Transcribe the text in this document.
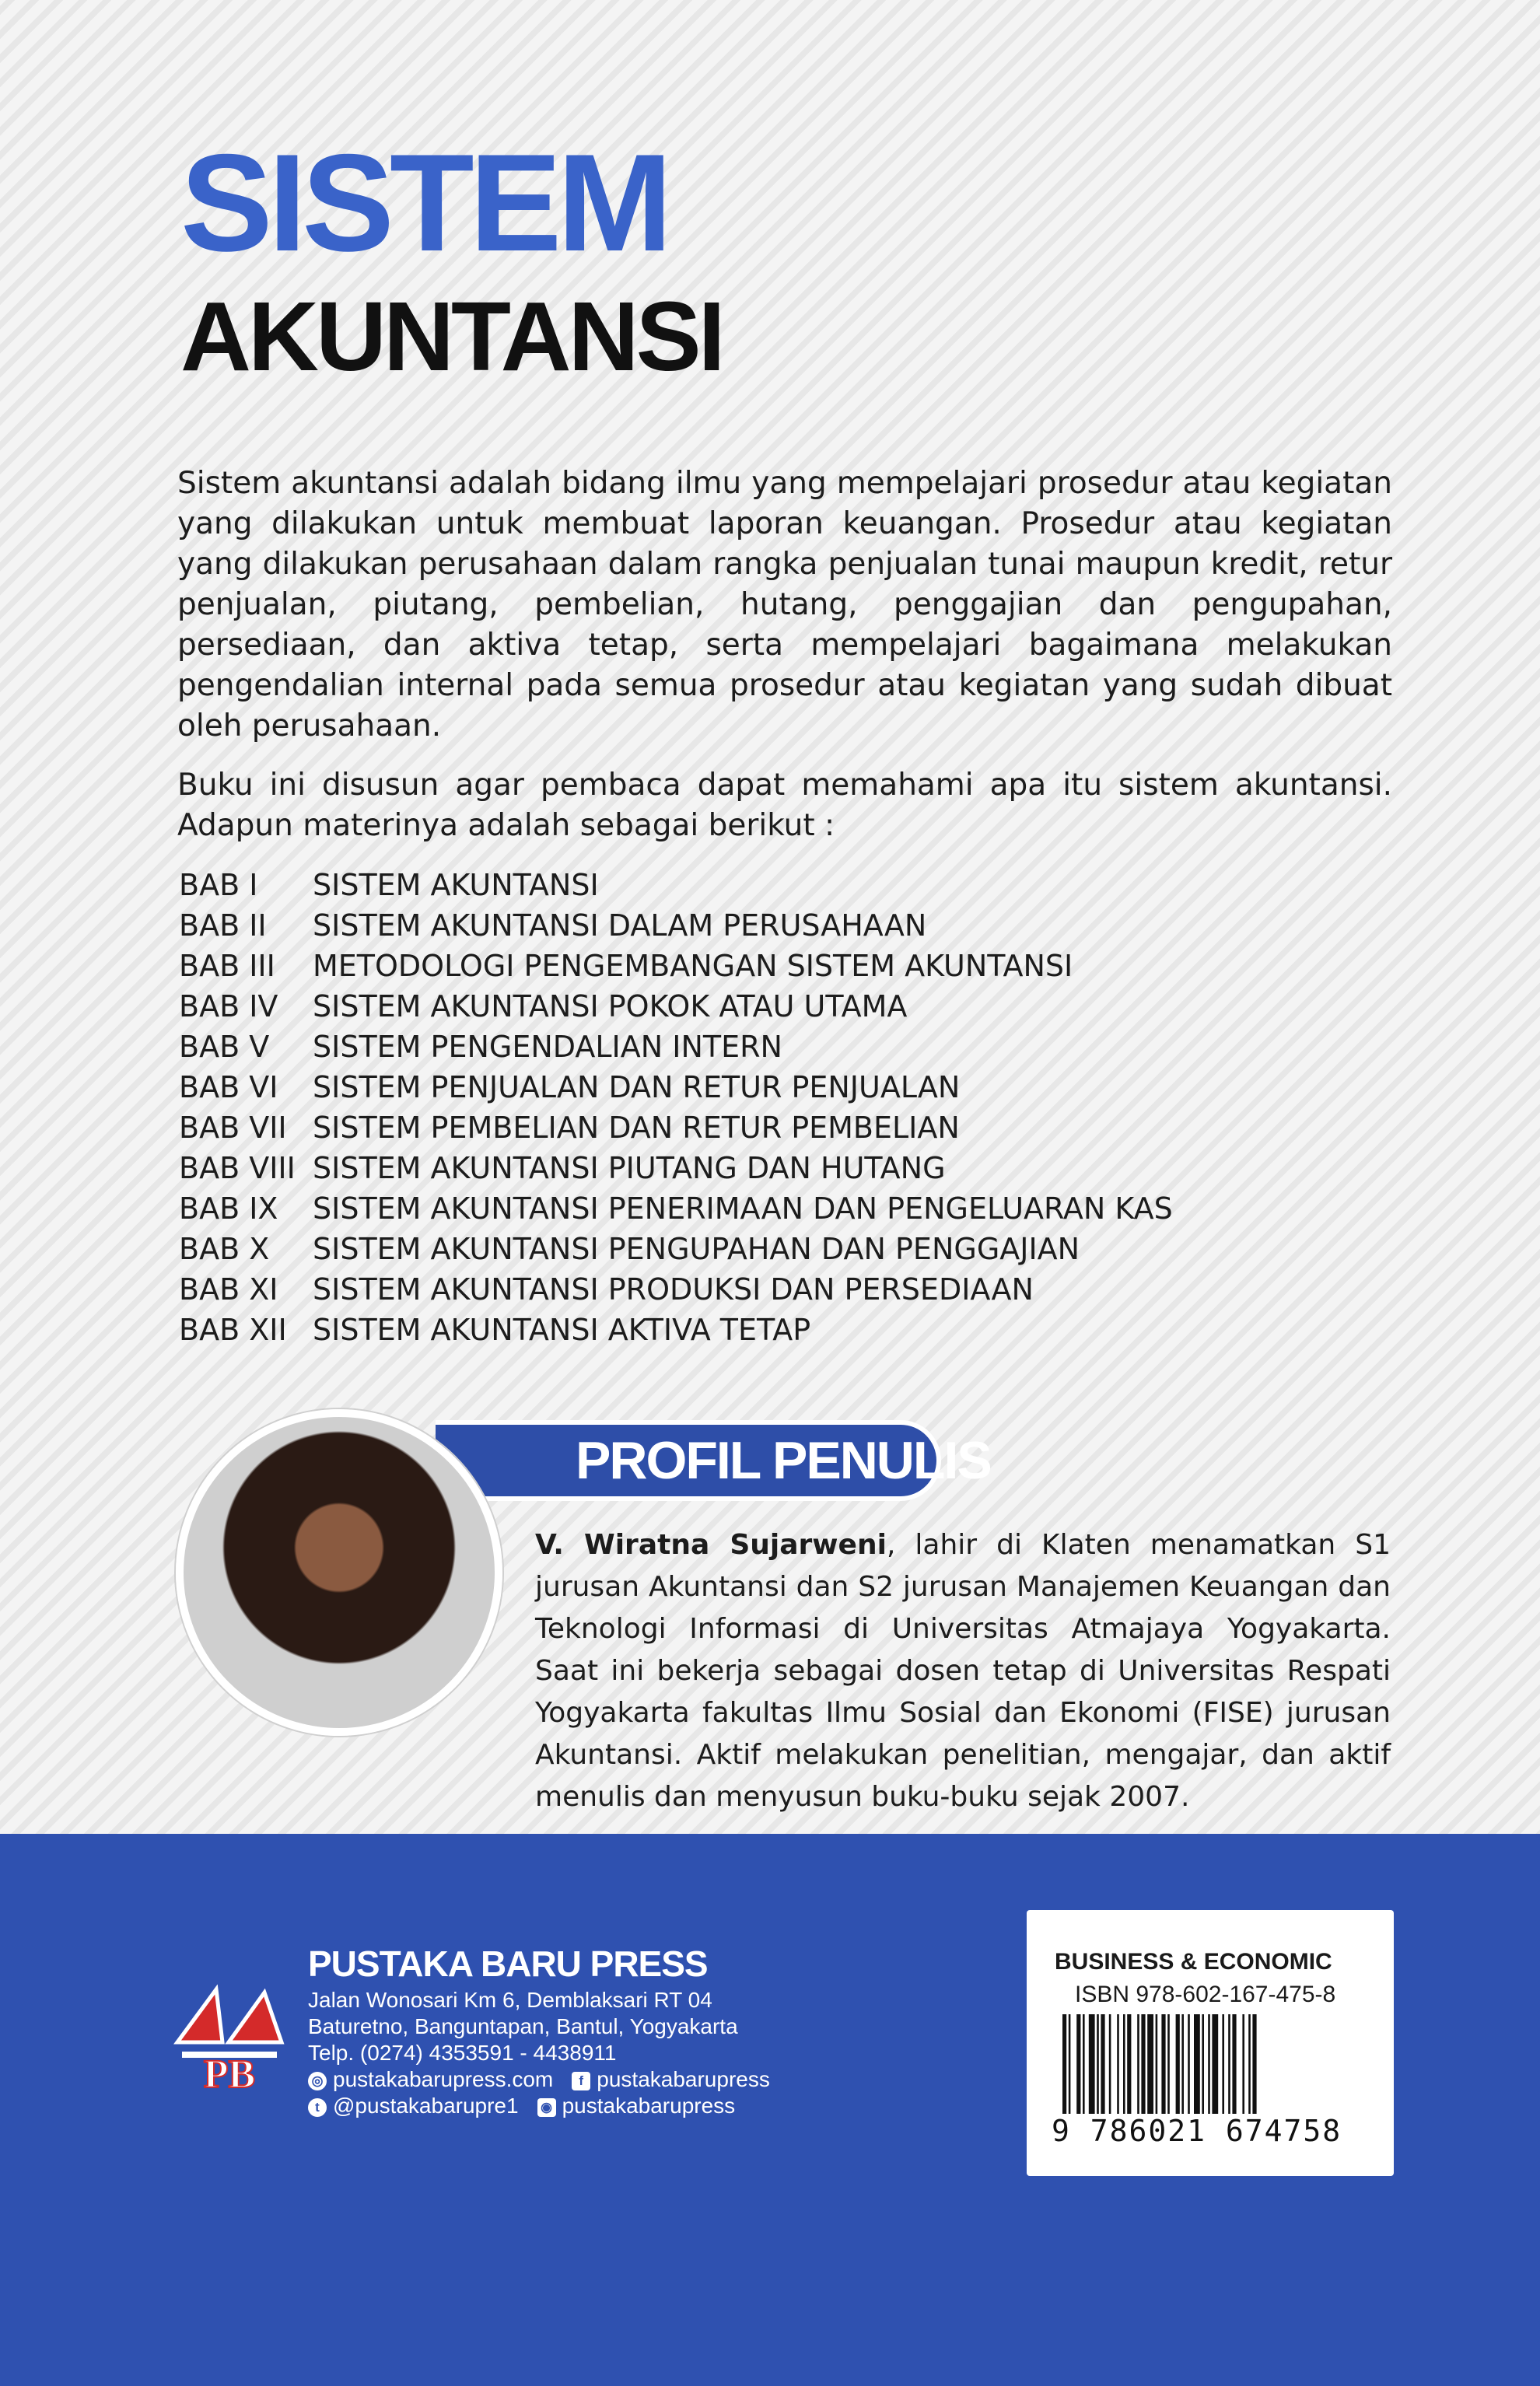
SISTEM
AKUNTANSI

Sistem akuntansi adalah bidang ilmu yang mempelajari prosedur atau kegiatan yang dilakukan untuk membuat laporan keuangan. Prosedur atau kegiatan yang dilakukan perusahaan dalam rangka penjualan tunai maupun kredit, retur penjualan, piutang, pembelian, hutang, penggajian dan pengupahan, persediaan, dan aktiva tetap, serta mempelajari bagaimana melakukan pengendalian internal pada semua prosedur atau kegiatan yang sudah dibuat oleh perusahaan.

Buku ini disusun agar pembaca dapat memahami apa itu sistem akuntansi. Adapun materinya adalah sebagai berikut :

BAB I SISTEM AKUNTANSI
BAB II SISTEM AKUNTANSI DALAM PERUSAHAAN
BAB III METODOLOGI PENGEMBANGAN SISTEM AKUNTANSI
BAB IV SISTEM AKUNTANSI POKOK ATAU UTAMA
BAB V SISTEM PENGENDALIAN INTERN
BAB VI SISTEM PENJUALAN DAN RETUR PENJUALAN
BAB VII SISTEM PEMBELIAN DAN RETUR PEMBELIAN
BAB VIII SISTEM AKUNTANSI PIUTANG DAN HUTANG
BAB IX SISTEM AKUNTANSI PENERIMAAN DAN PENGELUARAN KAS
BAB X SISTEM AKUNTANSI PENGUPAHAN DAN PENGGAJIAN
BAB XI SISTEM AKUNTANSI PRODUKSI DAN PERSEDIAAN
BAB XII SISTEM AKUNTANSI AKTIVA TETAP
PROFIL PENULIS

V. Wiratna Sujarweni, lahir di Klaten menamatkan S1 jurusan Akuntansi dan S2 jurusan Manajemen Keuangan dan Teknologi Informasi di Universitas Atmajaya Yogyakarta. Saat ini bekerja sebagai dosen tetap di Universitas Respati Yogyakarta fakultas Ilmu Sosial dan Ekonomi (FISE) jurusan Akuntansi. Aktif melakukan penelitian, mengajar, dan aktif menulis dan menyusun buku-buku sejak 2007.

PB

PUSTAKA BARU PRESS

Jalan Wonosari Km 6, Demblaksari RT 04

Baturetno, Banguntapan, Bantul, Yogyakarta

Telp. (0274) 4353591 - 4438911

◎ pustakabarupress.com f pustakabarupress

t @pustakabarupre1 ◉ pustakabarupress

BUSINESS & ECONOMIC

ISBN 978-602-167-475-8

9 786021 674758
